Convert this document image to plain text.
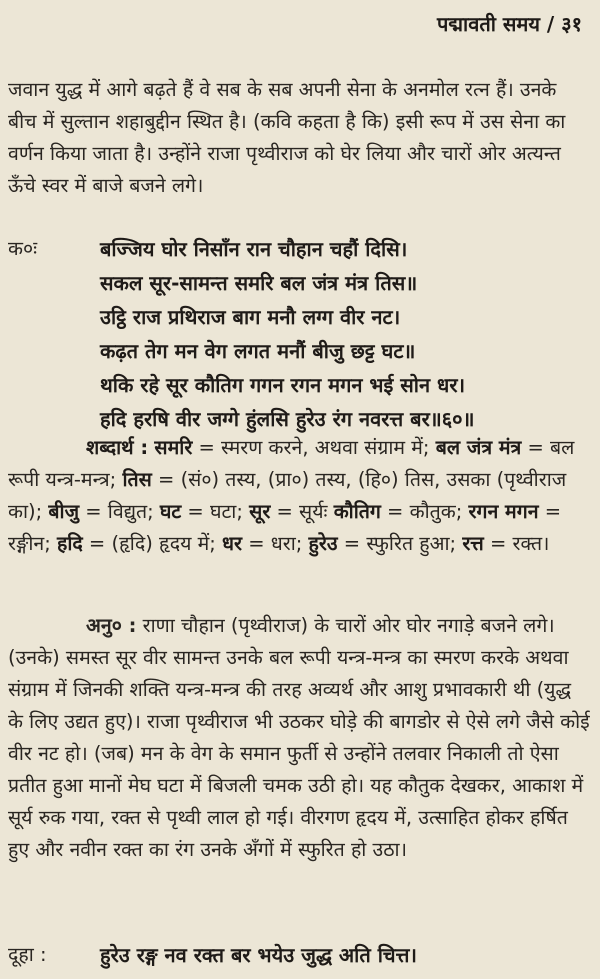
पद्मावती समय / ३१

जवान युद्ध में आगे बढ़ते हैं वे सब के सब अपनी सेना के अनमोल रत्न हैं। उनके बीच में सुल्तान शहाबुद्दीन स्थित है। (कवि कहता है कि) इसी रूप में उस सेना का वर्णन किया जाता है। उन्होंने राजा पृथ्वीराज को घेर लिया और चारों ओर अत्यन्त ऊँचे स्वर में बाजे बजने लगे।

क०ः	बज्जिय घोर निसाँन रान चौहान चहौं दिसि।
सकल सूर-सामन्त समरि बल जंत्र मंत्र तिस॥
उट्ठि राज प्रथिराज बाग मनौ लग्ग वीर नट।
कढ़त तेग मन वेग लगत मनौं बीजु छट्ट घट॥
थकि रहे सूर कौतिग गगन रगन मगन भई सोन धर।
हदि हरषि वीर जग्गे हुंलसि हुरेउ रंग नवरत्त बर॥६०॥

शब्दार्थ : समरि = स्मरण करने, अथवा संग्राम में; बल जंत्र मंत्र = बल रूपी यन्त्र-मन्त्र; तिस = (सं०) तस्य, (प्रा०) तस्य, (हि०) तिस, उसका (पृथ्वीराज का); बीजु = विद्युत; घट = घटा; सूर = सूर्यः कौतिग = कौतुक; रगन मगन = रङ्गीन; हदि = (हृदि) हृदय में; धर = धरा; हुरेउ = स्फुरित हुआ; रत्त = रक्त।

अनु० : राणा चौहान (पृथ्वीराज) के चारों ओर घोर नगाड़े बजने लगे। (उनके) समस्त सूर वीर सामन्त उनके बल रूपी यन्त्र-मन्त्र का स्मरण करके अथवा संग्राम में जिनकी शक्ति यन्त्र-मन्त्र की तरह अव्यर्थ और आशु प्रभावकारी थी (युद्ध के लिए उद्यत हुए)। राजा पृथ्वीराज भी उठकर घोड़े की बागडोर से ऐसे लगे जैसे कोई वीर नट हो। (जब) मन के वेग के समान फुर्ती से उन्होंने तलवार निकाली तो ऐसा प्रतीत हुआ मानों मेघ घटा में बिजली चमक उठी हो। यह कौतुक देखकर, आकाश में सूर्य रुक गया, रक्त से पृथ्वी लाल हो गई। वीरगण हृदय में, उत्साहित होकर हर्षित हुए और नवीन रक्त का रंग उनके अँगों में स्फुरित हो उठा।

दूहा :	हुरेउ रङ्ग नव रक्त बर भयेउ जुद्ध अति चित्त।
